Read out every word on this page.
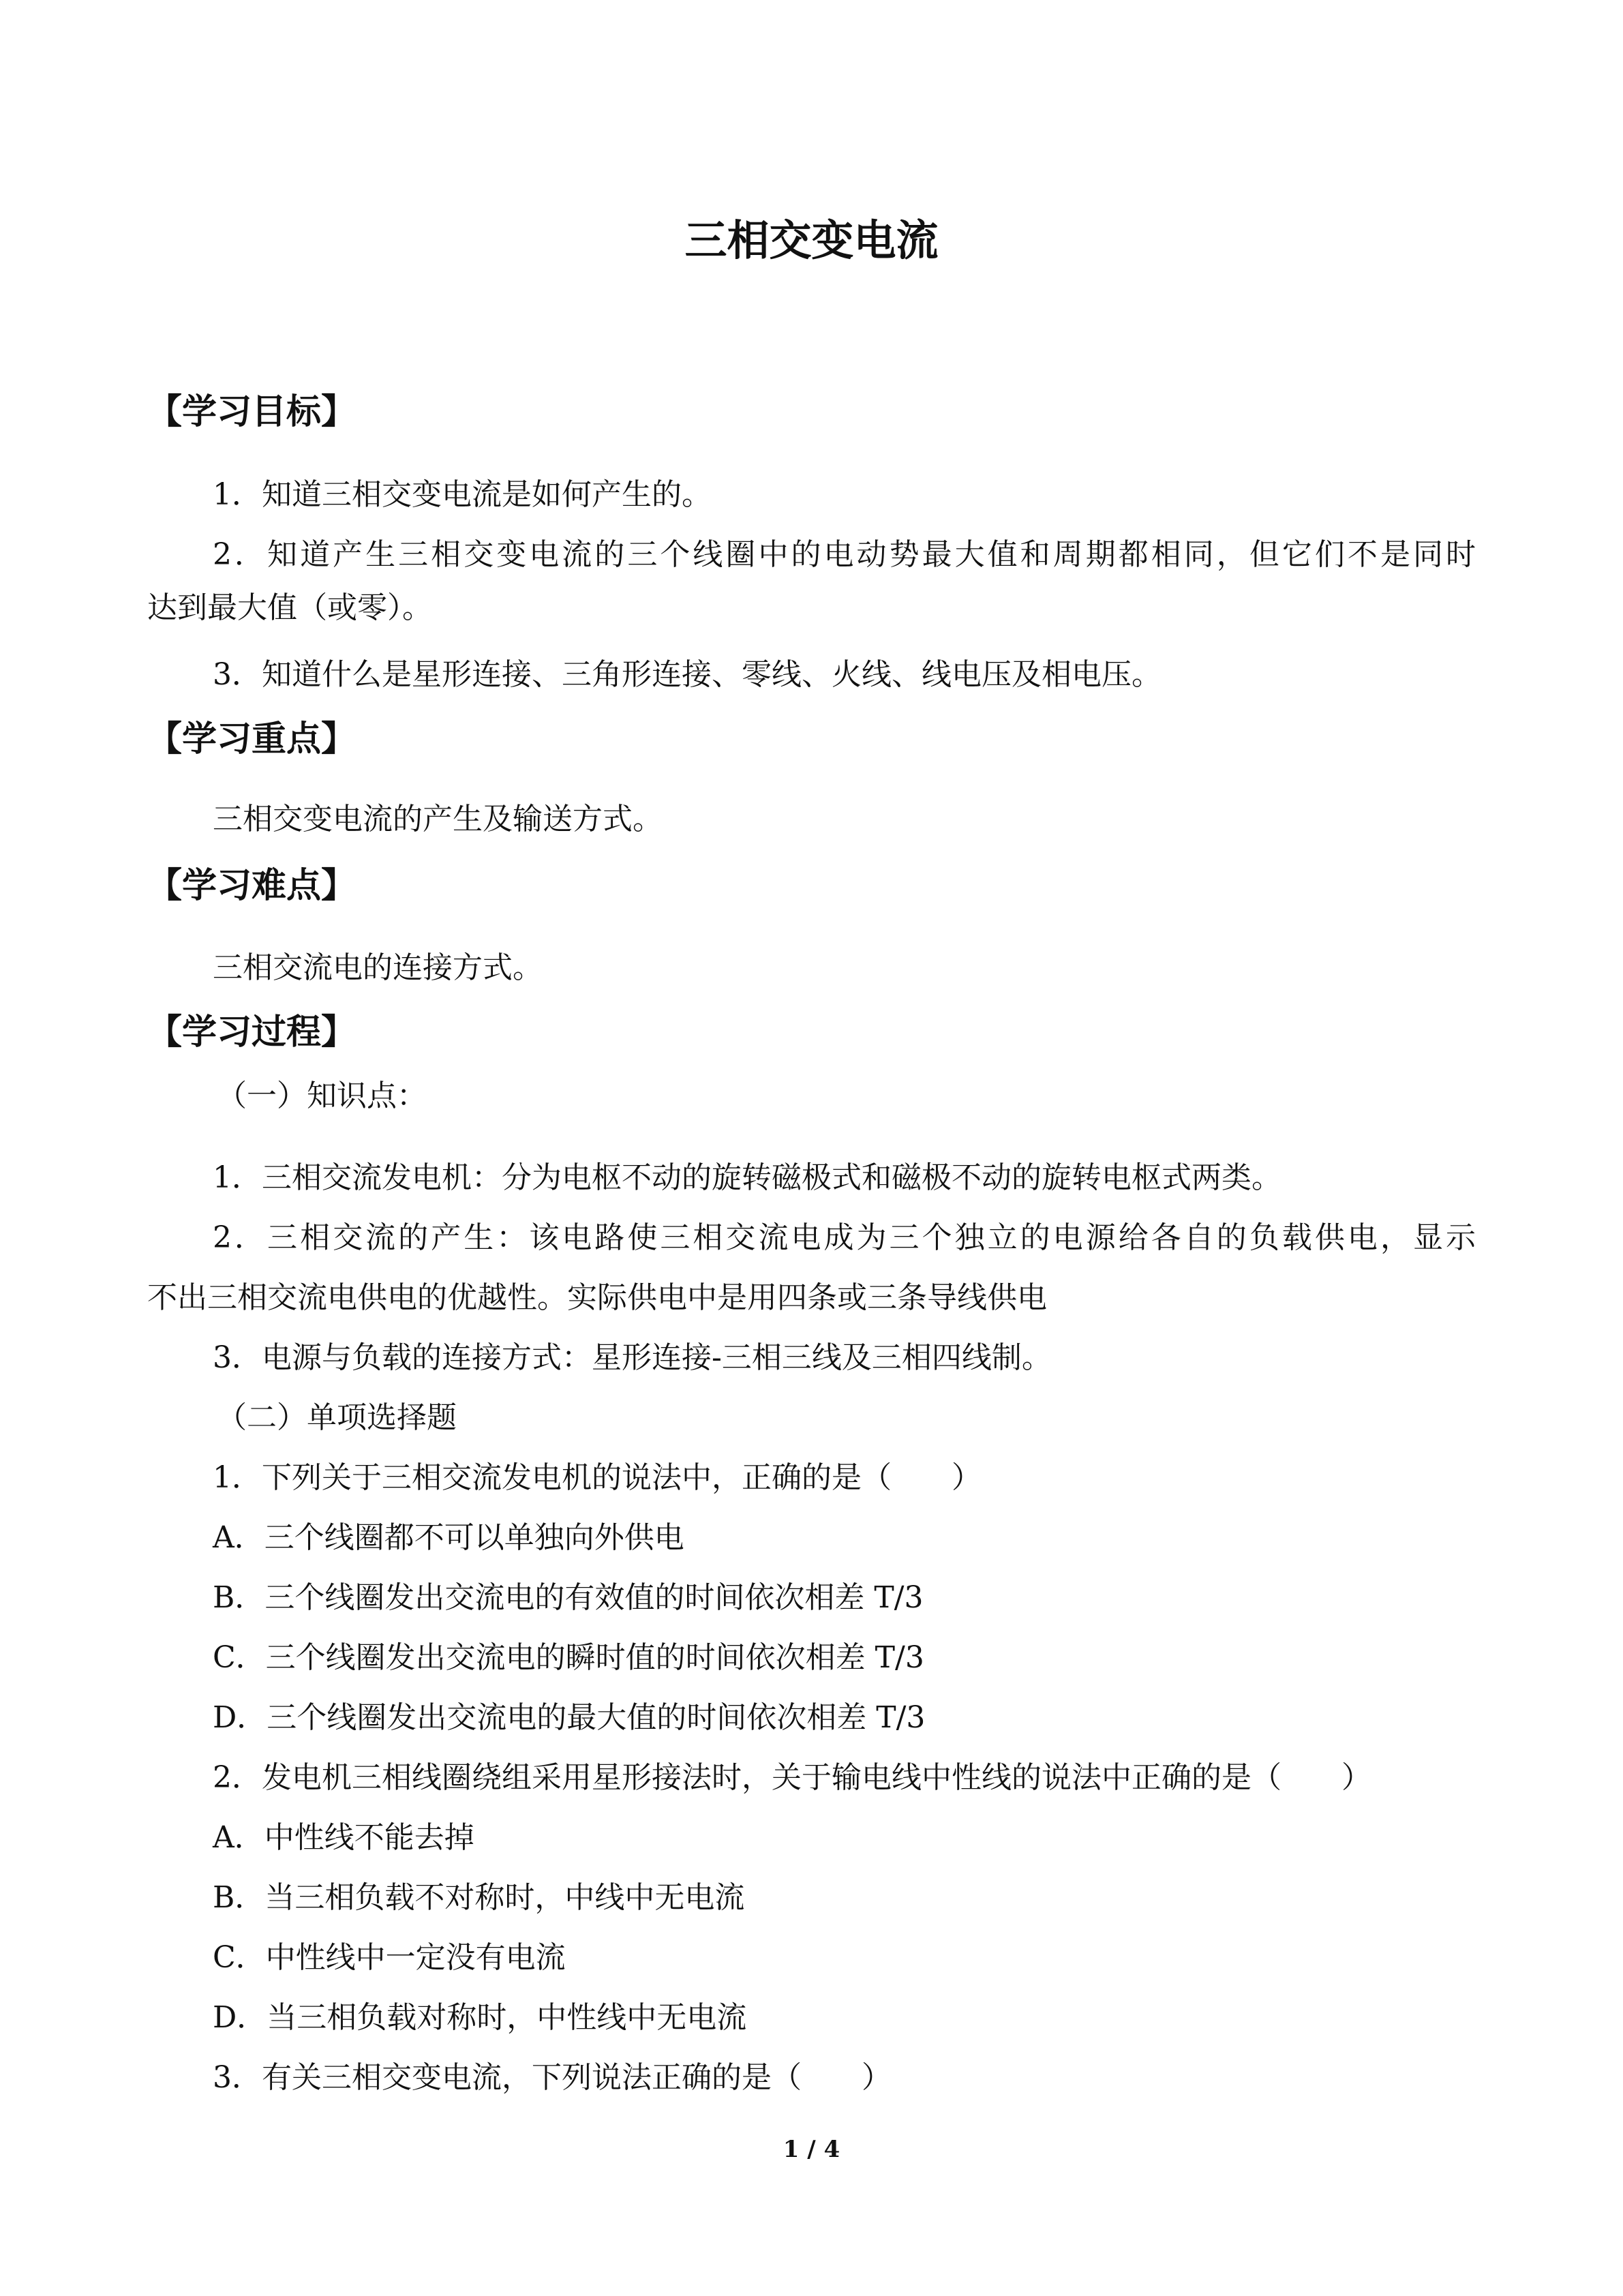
三相交变电流
【学习目标】

1．知道三相交变电流是如何产生的。

2．知道产生三相交变电流的三个线圈中的电动势最大值和周期都相同，但它们不是同时

达到最大值（或零）。

3．知道什么是星形连接、三角形连接、零线、火线、线电压及相电压。

【学习重点】

三相交变电流的产生及输送方式。

【学习难点】

三相交流电的连接方式。

【学习过程】

（一）知识点：

1．三相交流发电机：分为电枢不动的旋转磁极式和磁极不动的旋转电枢式两类。

2．三相交流的产生：该电路使三相交流电成为三个独立的电源给各自的负载供电，显示

不出三相交流电供电的优越性。实际供电中是用四条或三条导线供电

3．电源与负载的连接方式：星形连接-三相三线及三相四线制。

（二）单项选择题

1．下列关于三相交流发电机的说法中，正确的是（　　）

A．三个线圈都不可以单独向外供电

B．三个线圈发出交流电的有效值的时间依次相差 T/3

C．三个线圈发出交流电的瞬时值的时间依次相差 T/3

D．三个线圈发出交流电的最大值的时间依次相差 T/3

2．发电机三相线圈绕组采用星形接法时，关于输电线中性线的说法中正确的是（　　）

A．中性线不能去掉

B．当三相负载不对称时，中线中无电流

C．中性线中一定没有电流

D．当三相负载对称时，中性线中无电流

3．有关三相交变电流，下列说法正确的是（　　）

1 / 4
